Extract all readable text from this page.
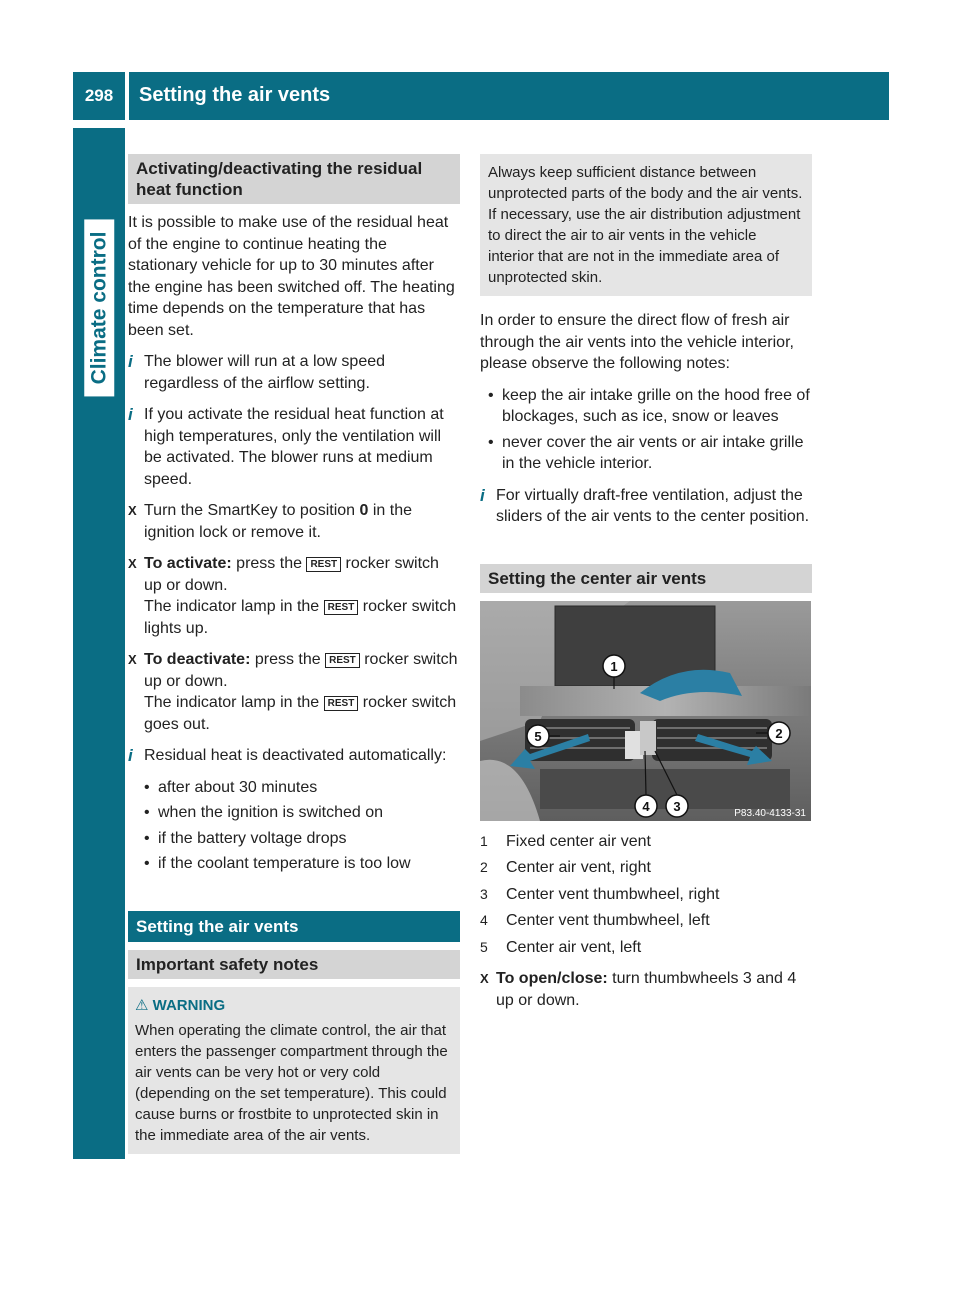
298	Setting the air vents
Climate control
Activating/deactivating the residual heat function

It is possible to make use of the residual heat of the engine to continue heating the stationary vehicle for up to 30 minutes after the engine has been switched off. The heating time depends on the temperature that has been set.

i The blower will run at a low speed regardless of the airflow setting.
i If you activate the residual heat function at high temperatures, only the ventilation will be activated. The blower runs at medium speed.
X Turn the SmartKey to position 0 in the ignition lock or remove it.
X To activate: press the REST rocker switch up or down.
The indicator lamp in the REST rocker switch lights up.
X To deactivate: press the REST rocker switch up or down.
The indicator lamp in the REST rocker switch goes out.
i Residual heat is deactivated automatically:
• after about 30 minutes
• when the ignition is switched on
• if the battery voltage drops
• if the coolant temperature is too low
Setting the air vents
Important safety notes
⚠ WARNING
When operating the climate control, the air that enters the passenger compartment through the air vents can be very hot or very cold (depending on the set temperature). This could cause burns or frostbite to unprotected skin in the immediate area of the air vents.
Always keep sufficient distance between unprotected parts of the body and the air vents. If necessary, use the air distribution adjustment to direct the air to air vents in the vehicle interior that are not in the immediate area of unprotected skin.

In order to ensure the direct flow of fresh air through the air vents into the vehicle interior, please observe the following notes:

• keep the air intake grille on the hood free of blockages, such as ice, snow or leaves
• never cover the air vents or air intake grille in the vehicle interior.
i For virtually draft-free ventilation, adjust the sliders of the air vents to the center position.
Setting the center air vents
1
2
3
4
5
P83.40-4133-31
1	Fixed center air vent
2	Center air vent, right
3	Center vent thumbwheel, right
4	Center vent thumbwheel, left
5	Center air vent, left
X To open/close: turn thumbwheels 3 and 4 up or down.
